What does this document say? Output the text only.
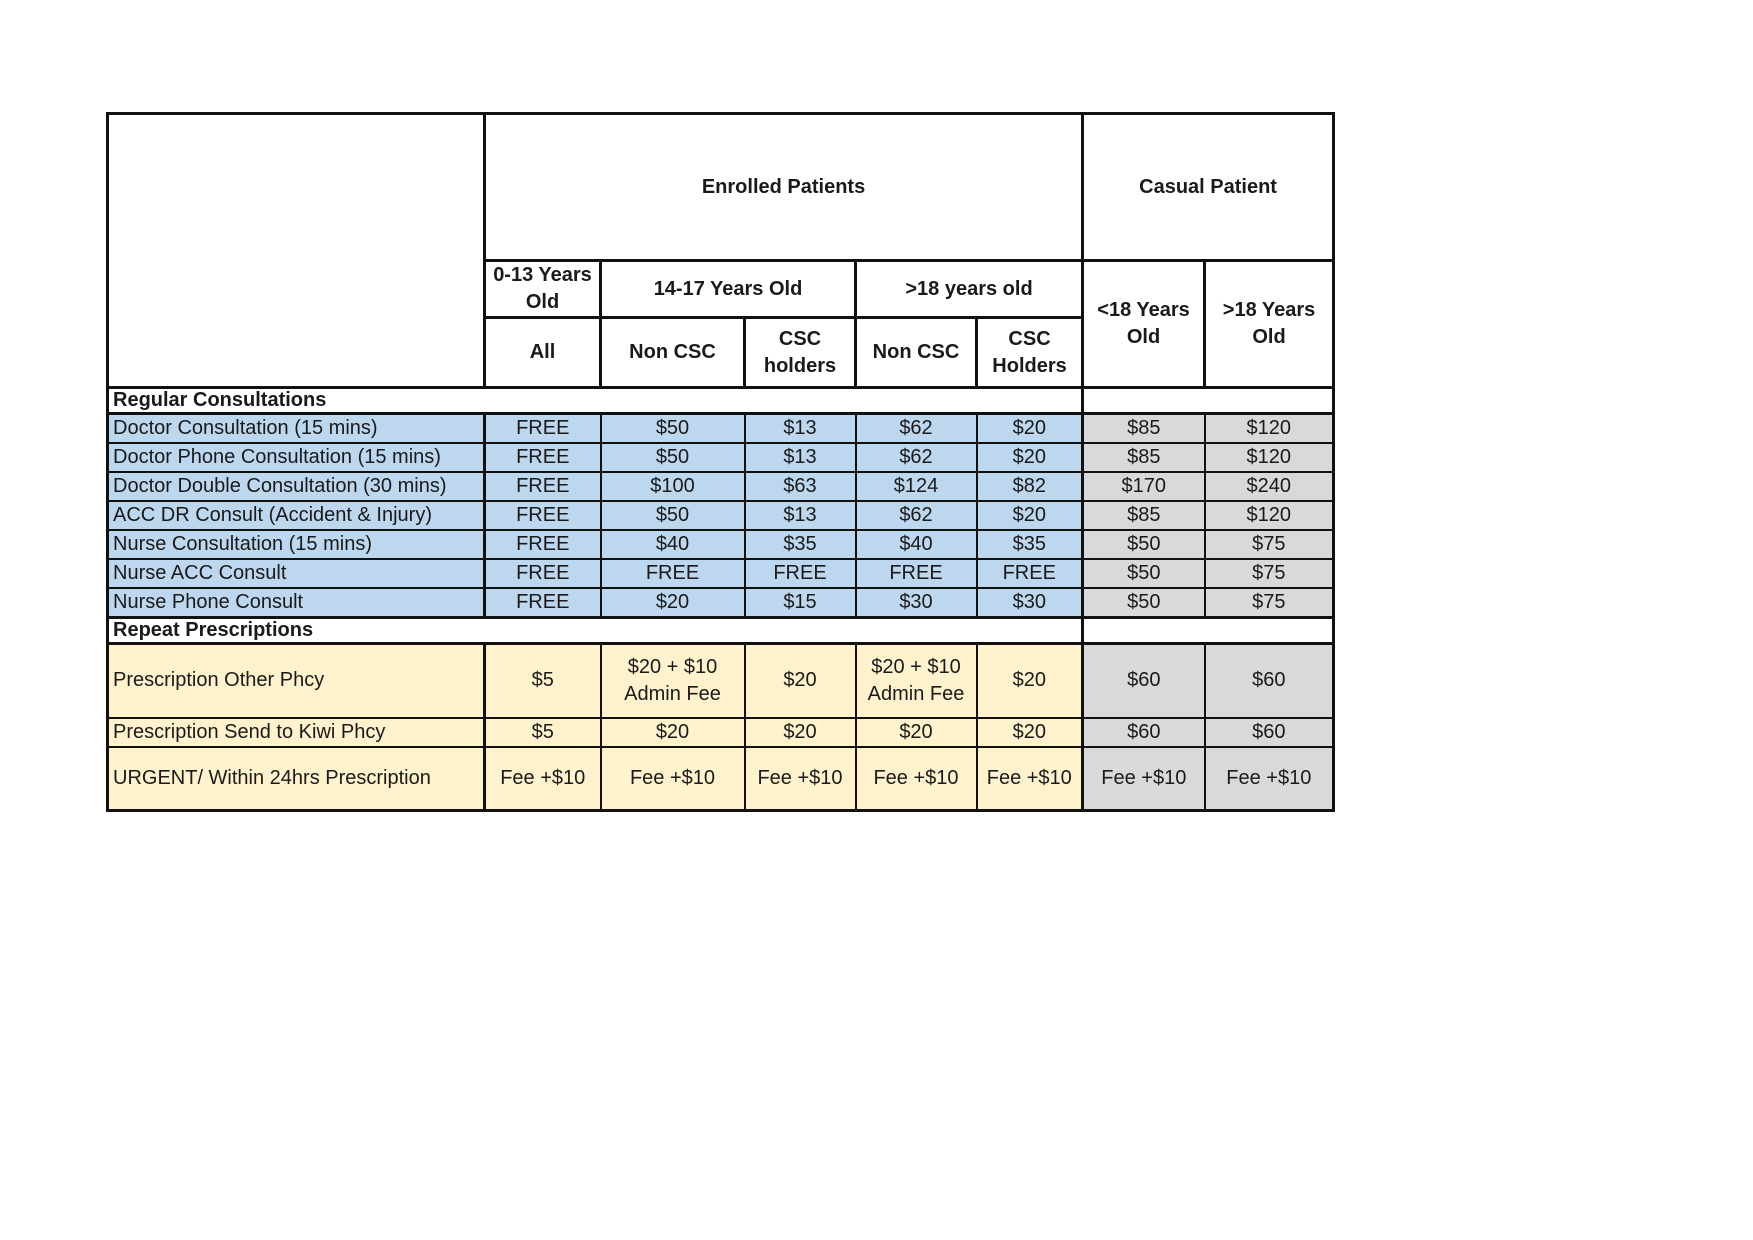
	Enrolled Patients					Casual Patient	
	0-13 Years Old	14-17 Years Old		>18 years old		<18 Years Old	>18 Years Old
	All	Non CSC	CSC holders	Non CSC	CSC Holders		
Regular Consultations							
Doctor Consultation (15 mins)	FREE	$50	$13	$62	$20	$85	$120
Doctor Phone Consultation (15 mins)	FREE	$50	$13	$62	$20	$85	$120
Doctor Double Consultation (30 mins)	FREE	$100	$63	$124	$82	$170	$240
ACC DR Consult (Accident & Injury)	FREE	$50	$13	$62	$20	$85	$120
Nurse Consultation (15 mins)	FREE	$40	$35	$40	$35	$50	$75
Nurse ACC Consult	FREE	FREE	FREE	FREE	FREE	$50	$75
Nurse Phone Consult	FREE	$20	$15	$30	$30	$50	$75
Repeat Prescriptions							
Prescription Other Phcy	$5	$20 + $10 Admin Fee	$20	$20 + $10 Admin Fee	$20	$60	$60
Prescription Send to Kiwi Phcy	$5	$20	$20	$20	$20	$60	$60
URGENT/ Within 24hrs Prescription	Fee +$10	Fee +$10	Fee +$10	Fee +$10	Fee +$10	Fee +$10	Fee +$10
